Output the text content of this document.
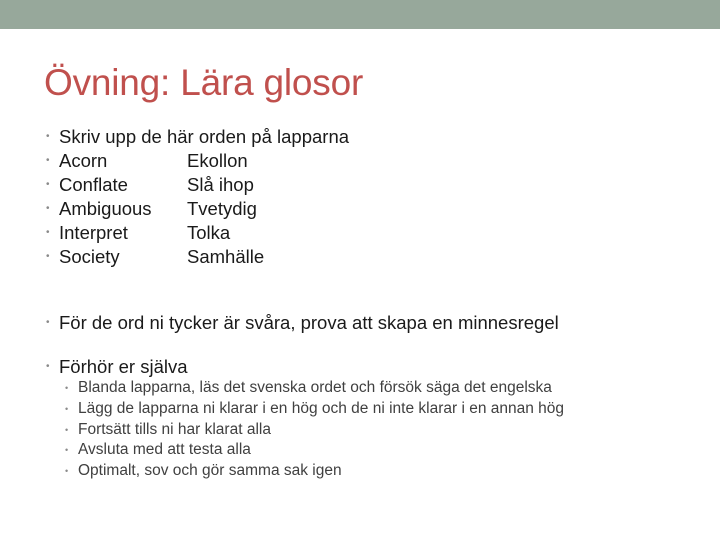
Övning: Lära glosor
• Skriv upp de här orden på lapparna
• Acorn	Ekollon
• Conflate	Slå ihop
• Ambiguous Tvetydig
• Interpret	Tolka
• Society	Samhälle
• För de ord ni tycker är svåra, prova att skapa en minnesregel
• Förhör er själva
• Blanda lapparna, läs det svenska ordet och försök säga det engelska
• Lägg de lapparna ni klarar i en hög och de ni inte klarar i en annan hög
• Fortsätt tills ni har klarat alla
• Avsluta med att testa alla
• Optimalt, sov och gör samma sak igen
